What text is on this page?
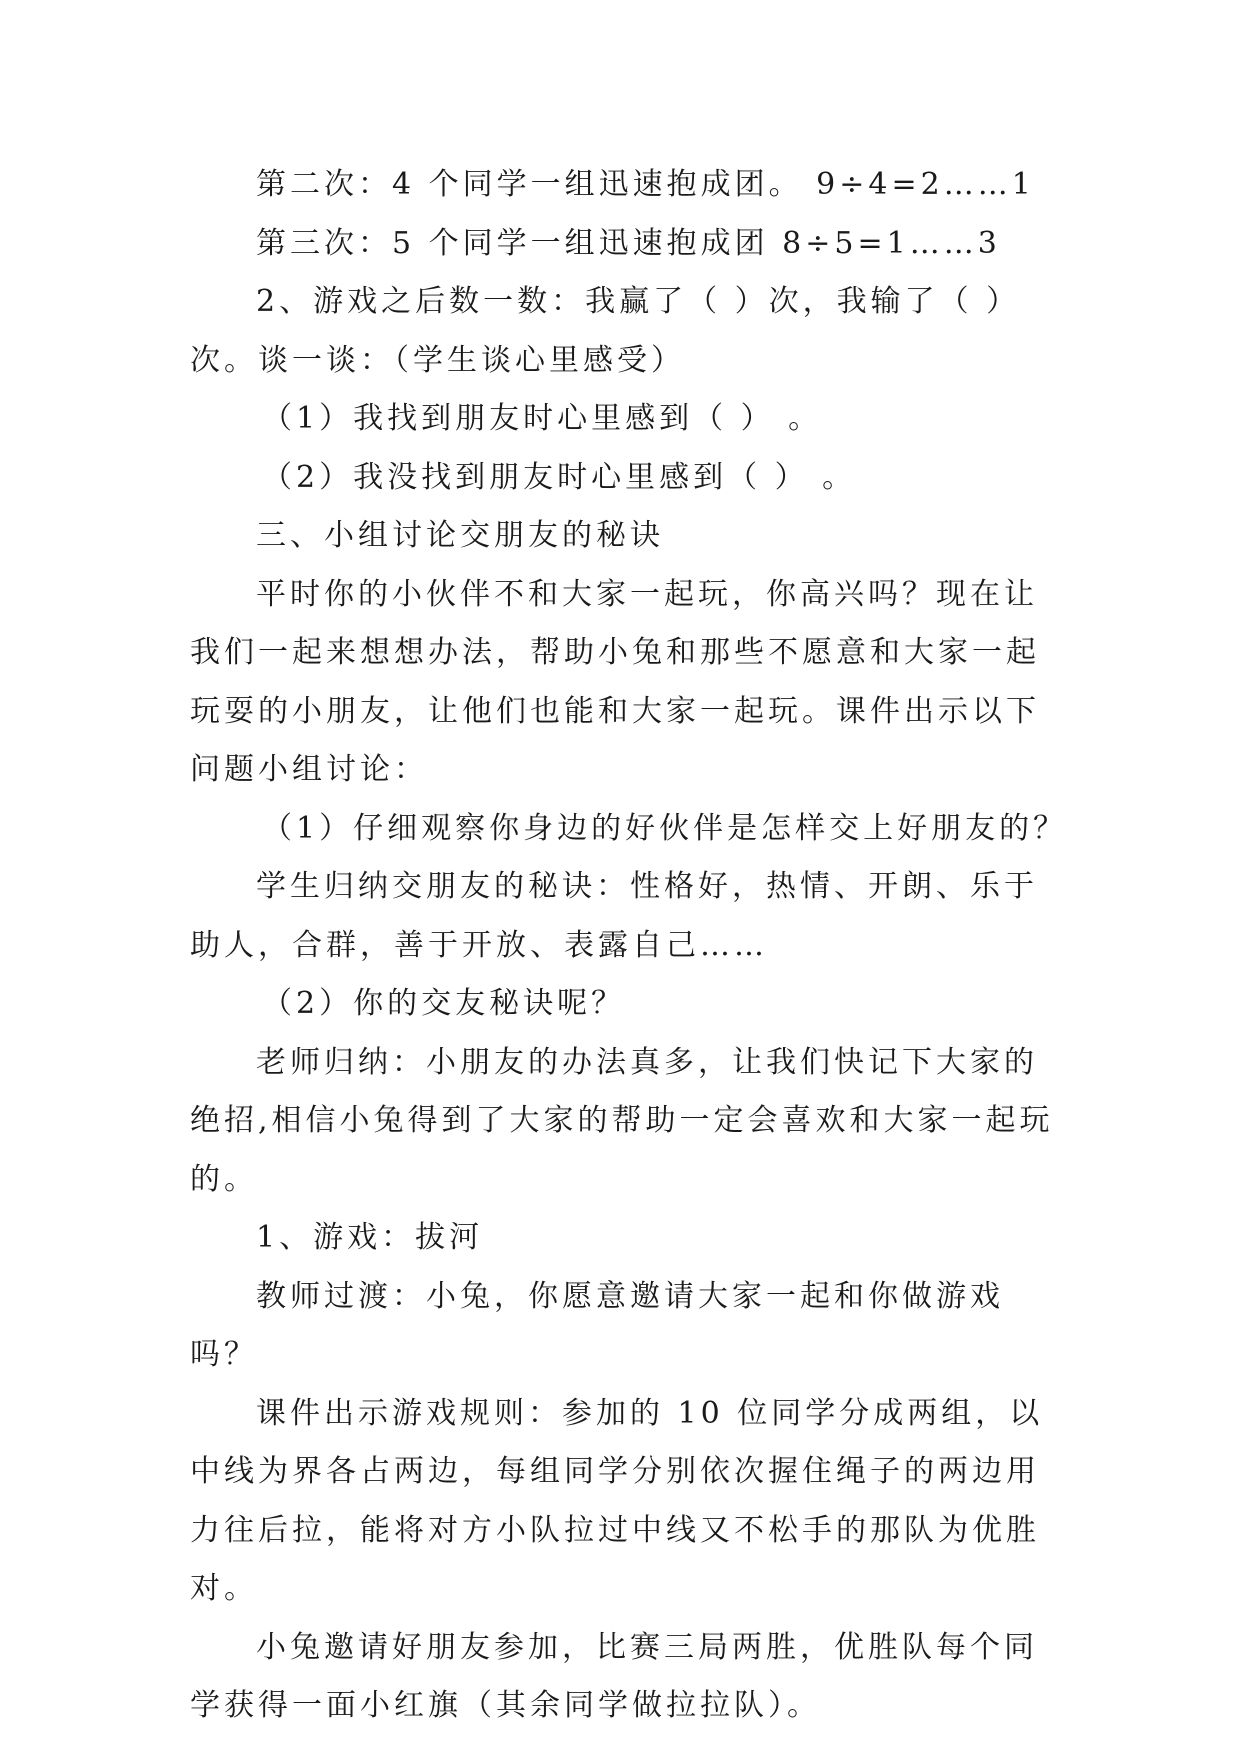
第二次：4 个同学一组迅速抱成团。 9÷4=2……1

第三次：5 个同学一组迅速抱成团 8÷5=1……3

2、游戏之后数一数：我赢了（ ）次，我输了（ ）次。谈一谈：（学生谈心里感受）

（1）我找到朋友时心里感到（ ） 。

（2）我没找到朋友时心里感到（ ） 。

三、小组讨论交朋友的秘诀

平时你的小伙伴不和大家一起玩，你高兴吗？现在让我们一起来想想办法，帮助小兔和那些不愿意和大家一起玩耍的小朋友，让他们也能和大家一起玩。课件出示以下问题小组讨论：

（1）仔细观察你身边的好伙伴是怎样交上好朋友的？

学生归纳交朋友的秘诀：性格好，热情、开朗、乐于助人，合群，善于开放、表露自己……

（2）你的交友秘诀呢？

老师归纳：小朋友的办法真多，让我们快记下大家的绝招,相信小兔得到了大家的帮助一定会喜欢和大家一起玩的。

1、游戏：拔河

教师过渡：小兔，你愿意邀请大家一起和你做游戏吗？

课件出示游戏规则：参加的 10 位同学分成两组，以中线为界各占两边，每组同学分别依次握住绳子的两边用力往后拉，能将对方小队拉过中线又不松手的那队为优胜对。

小兔邀请好朋友参加，比赛三局两胜，优胜队每个同学获得一面小红旗（其余同学做拉拉队）。
